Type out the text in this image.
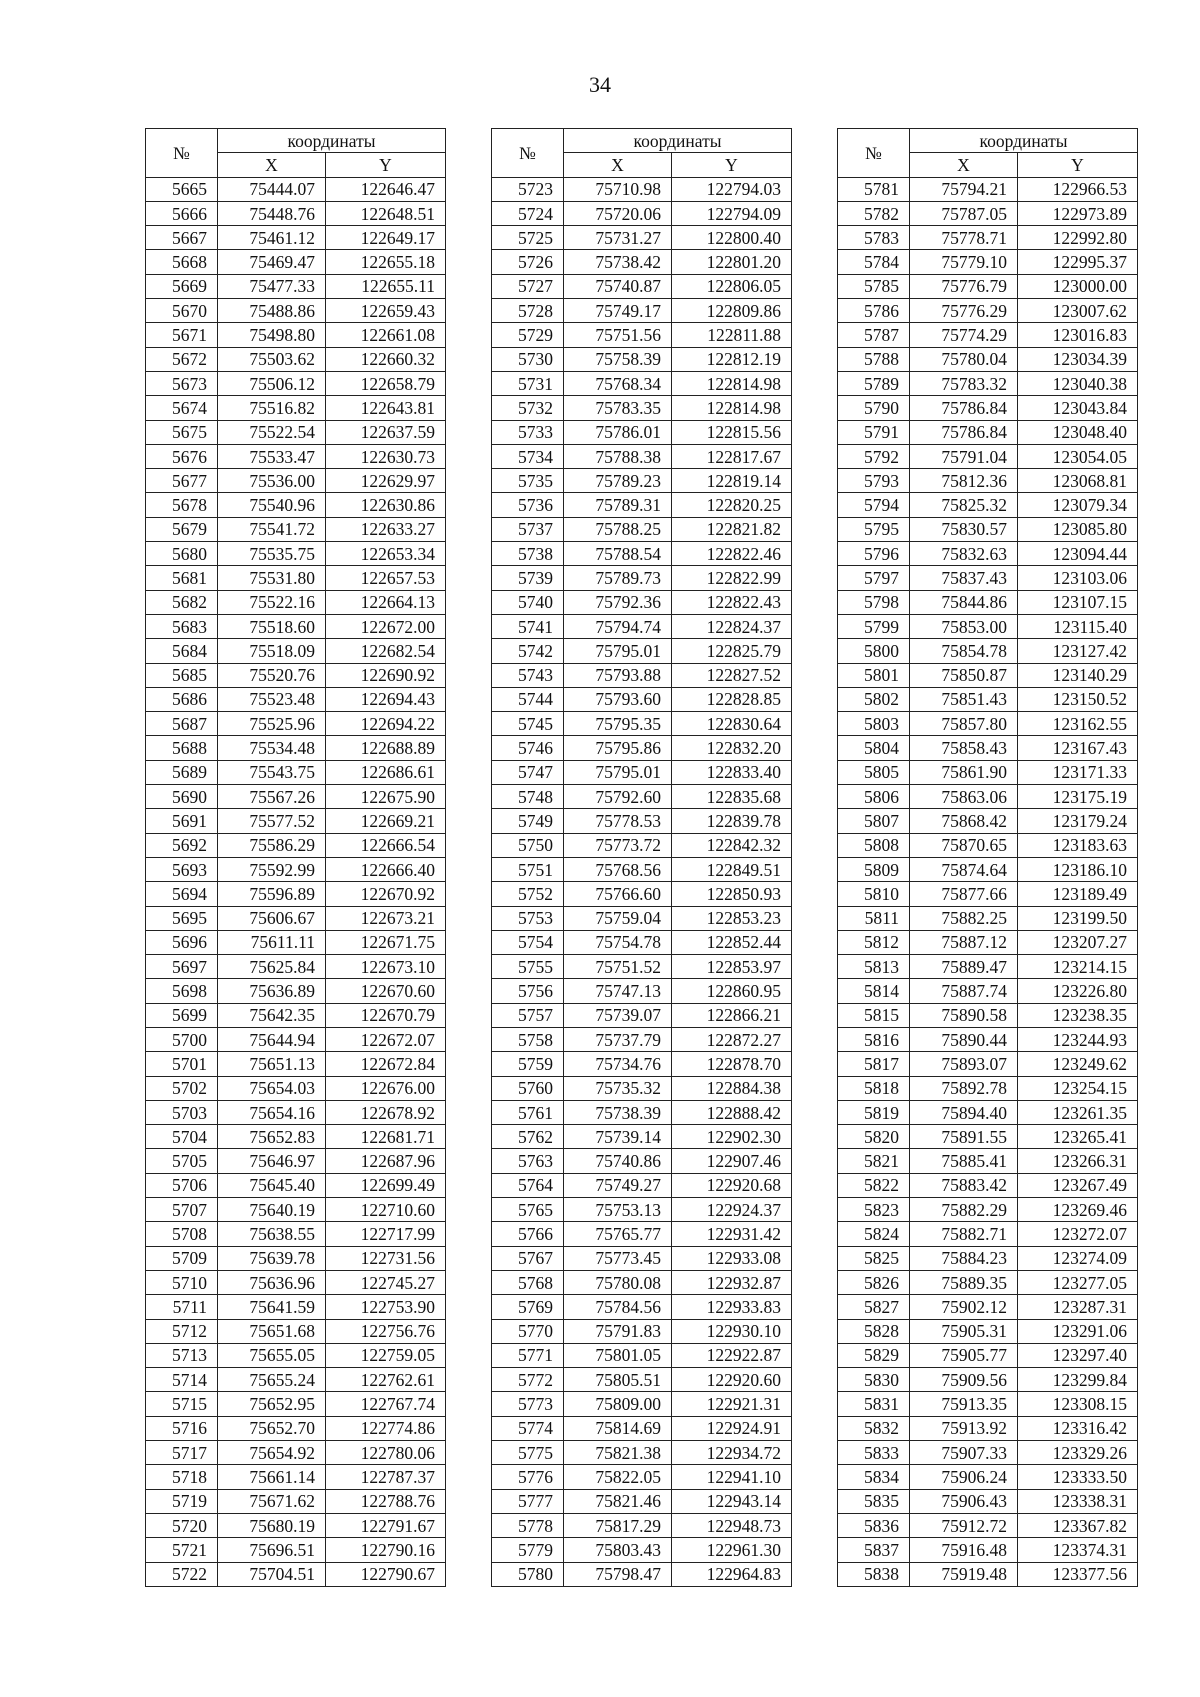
34
№	координаты	
	X	Y
5665	75444.07	122646.47
5666	75448.76	122648.51
5667	75461.12	122649.17
5668	75469.47	122655.18
5669	75477.33	122655.11
5670	75488.86	122659.43
5671	75498.80	122661.08
5672	75503.62	122660.32
5673	75506.12	122658.79
5674	75516.82	122643.81
5675	75522.54	122637.59
5676	75533.47	122630.73
5677	75536.00	122629.97
5678	75540.96	122630.86
5679	75541.72	122633.27
5680	75535.75	122653.34
5681	75531.80	122657.53
5682	75522.16	122664.13
5683	75518.60	122672.00
5684	75518.09	122682.54
5685	75520.76	122690.92
5686	75523.48	122694.43
5687	75525.96	122694.22
5688	75534.48	122688.89
5689	75543.75	122686.61
5690	75567.26	122675.90
5691	75577.52	122669.21
5692	75586.29	122666.54
5693	75592.99	122666.40
5694	75596.89	122670.92
5695	75606.67	122673.21
5696	75611.11	122671.75
5697	75625.84	122673.10
5698	75636.89	122670.60
5699	75642.35	122670.79
5700	75644.94	122672.07
5701	75651.13	122672.84
5702	75654.03	122676.00
5703	75654.16	122678.92
5704	75652.83	122681.71
5705	75646.97	122687.96
5706	75645.40	122699.49
5707	75640.19	122710.60
5708	75638.55	122717.99
5709	75639.78	122731.56
5710	75636.96	122745.27
5711	75641.59	122753.90
5712	75651.68	122756.76
5713	75655.05	122759.05
5714	75655.24	122762.61
5715	75652.95	122767.74
5716	75652.70	122774.86
5717	75654.92	122780.06
5718	75661.14	122787.37
5719	75671.62	122788.76
5720	75680.19	122791.67
5721	75696.51	122790.16
5722	75704.51	122790.67
№	координаты	
	X	Y
5723	75710.98	122794.03
5724	75720.06	122794.09
5725	75731.27	122800.40
5726	75738.42	122801.20
5727	75740.87	122806.05
5728	75749.17	122809.86
5729	75751.56	122811.88
5730	75758.39	122812.19
5731	75768.34	122814.98
5732	75783.35	122814.98
5733	75786.01	122815.56
5734	75788.38	122817.67
5735	75789.23	122819.14
5736	75789.31	122820.25
5737	75788.25	122821.82
5738	75788.54	122822.46
5739	75789.73	122822.99
5740	75792.36	122822.43
5741	75794.74	122824.37
5742	75795.01	122825.79
5743	75793.88	122827.52
5744	75793.60	122828.85
5745	75795.35	122830.64
5746	75795.86	122832.20
5747	75795.01	122833.40
5748	75792.60	122835.68
5749	75778.53	122839.78
5750	75773.72	122842.32
5751	75768.56	122849.51
5752	75766.60	122850.93
5753	75759.04	122853.23
5754	75754.78	122852.44
5755	75751.52	122853.97
5756	75747.13	122860.95
5757	75739.07	122866.21
5758	75737.79	122872.27
5759	75734.76	122878.70
5760	75735.32	122884.38
5761	75738.39	122888.42
5762	75739.14	122902.30
5763	75740.86	122907.46
5764	75749.27	122920.68
5765	75753.13	122924.37
5766	75765.77	122931.42
5767	75773.45	122933.08
5768	75780.08	122932.87
5769	75784.56	122933.83
5770	75791.83	122930.10
5771	75801.05	122922.87
5772	75805.51	122920.60
5773	75809.00	122921.31
5774	75814.69	122924.91
5775	75821.38	122934.72
5776	75822.05	122941.10
5777	75821.46	122943.14
5778	75817.29	122948.73
5779	75803.43	122961.30
5780	75798.47	122964.83
№	координаты	
	X	Y
5781	75794.21	122966.53
5782	75787.05	122973.89
5783	75778.71	122992.80
5784	75779.10	122995.37
5785	75776.79	123000.00
5786	75776.29	123007.62
5787	75774.29	123016.83
5788	75780.04	123034.39
5789	75783.32	123040.38
5790	75786.84	123043.84
5791	75786.84	123048.40
5792	75791.04	123054.05
5793	75812.36	123068.81
5794	75825.32	123079.34
5795	75830.57	123085.80
5796	75832.63	123094.44
5797	75837.43	123103.06
5798	75844.86	123107.15
5799	75853.00	123115.40
5800	75854.78	123127.42
5801	75850.87	123140.29
5802	75851.43	123150.52
5803	75857.80	123162.55
5804	75858.43	123167.43
5805	75861.90	123171.33
5806	75863.06	123175.19
5807	75868.42	123179.24
5808	75870.65	123183.63
5809	75874.64	123186.10
5810	75877.66	123189.49
5811	75882.25	123199.50
5812	75887.12	123207.27
5813	75889.47	123214.15
5814	75887.74	123226.80
5815	75890.58	123238.35
5816	75890.44	123244.93
5817	75893.07	123249.62
5818	75892.78	123254.15
5819	75894.40	123261.35
5820	75891.55	123265.41
5821	75885.41	123266.31
5822	75883.42	123267.49
5823	75882.29	123269.46
5824	75882.71	123272.07
5825	75884.23	123274.09
5826	75889.35	123277.05
5827	75902.12	123287.31
5828	75905.31	123291.06
5829	75905.77	123297.40
5830	75909.56	123299.84
5831	75913.35	123308.15
5832	75913.92	123316.42
5833	75907.33	123329.26
5834	75906.24	123333.50
5835	75906.43	123338.31
5836	75912.72	123367.82
5837	75916.48	123374.31
5838	75919.48	123377.56
